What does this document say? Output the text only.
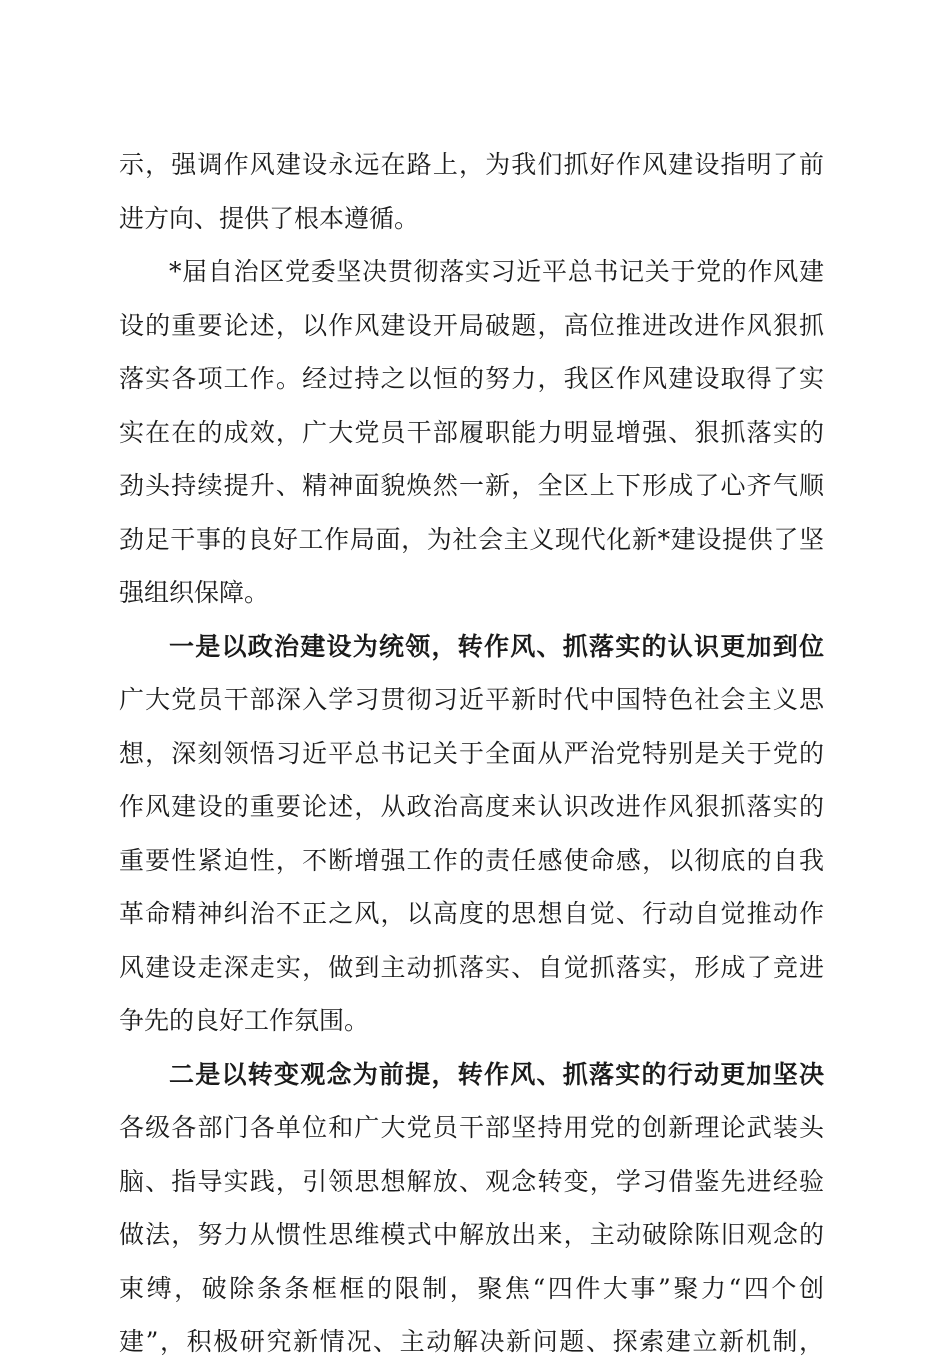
示，强调作风建设永远在路上，为我们抓好作风建设指明了前
进方向、提供了根本遵循。
*届自治区党委坚决贯彻落实习近平总书记关于党的作风建
设的重要论述，以作风建设开局破题，高位推进改进作风狠抓
落实各项工作。经过持之以恒的努力，我区作风建设取得了实
实在在的成效，广大党员干部履职能力明显增强、狠抓落实的
劲头持续提升、精神面貌焕然一新，全区上下形成了心齐气顺
劲足干事的良好工作局面，为社会主义现代化新*建设提供了坚
强组织保障。
一是以政治建设为统领，转作风、抓落实的认识更加到位
广大党员干部深入学习贯彻习近平新时代中国特色社会主义思
想，深刻领悟习近平总书记关于全面从严治党特别是关于党的
作风建设的重要论述，从政治高度来认识改进作风狠抓落实的
重要性紧迫性，不断增强工作的责任感使命感，以彻底的自我
革命精神纠治不正之风，以高度的思想自觉、行动自觉推动作
风建设走深走实，做到主动抓落实、自觉抓落实，形成了竞进
争先的良好工作氛围。
二是以转变观念为前提，转作风、抓落实的行动更加坚决
各级各部门各单位和广大党员干部坚持用党的创新理论武装头
脑、指导实践，引领思想解放、观念转变，学习借鉴先进经验
做法，努力从惯性思维模式中解放出来，主动破除陈旧观念的
束缚，破除条条框框的限制，聚焦“四件大事”聚力“四个创
建”，积极研究新情况、主动解决新问题、探索建立新机制，
